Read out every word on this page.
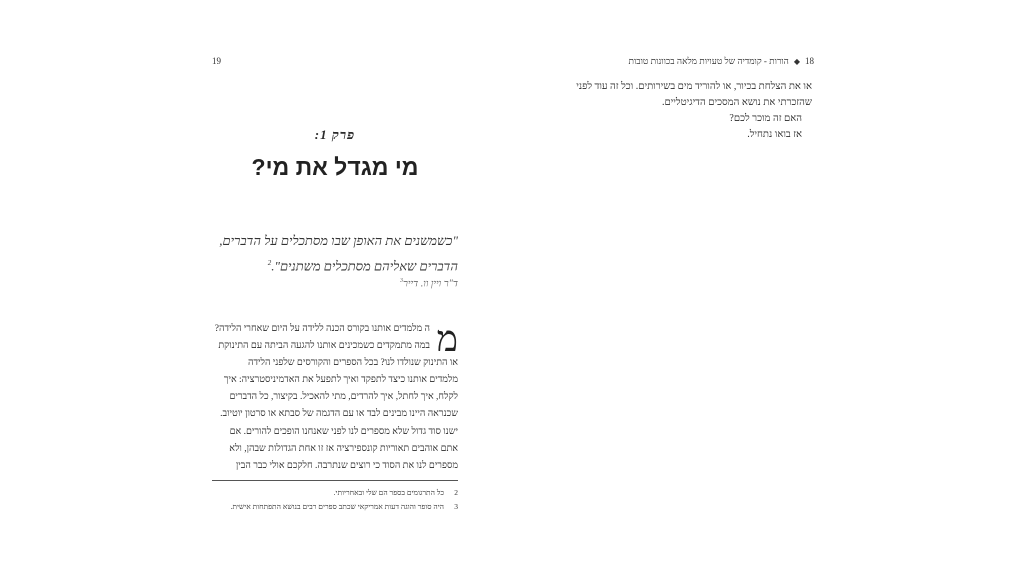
19
פרק 1:
מי מגדל את מי?
"כשמשנים את האופן שבו מסתכלים על הדברים,
הדברים שאליהם מסתכלים משתנים".$^2$
ד"ר ויין וו. דייר$^3$
מ
ה מלמדים אותנו בקורס הכנה ללידה על היום שאחרי הלידה?
במה מתמקדים כשמכינים אותנו להגעה הביתה עם התינוקת
או התינוק שנולדו לנו? בכל הספרים והקורסים שלפני הלידה
מלמדים אותנו כיצד לתפקד ואיך לתפעל את האדמיניסטרציה: איך
לקלח, איך לחתל, איך להרדים, מתי להאכיל. בקיצור, כל הדברים
שכנראה היינו מבינים לבד או עם הדגמה של סבתא או סרטון יוטיוב.
ישנו סוד גדול שלא מספרים לנו לפני שאנחנו הופכים להורים. אם
אתם אוהבים תאוריות קונספירציה אז זו אחת הגדולות שבהן, ולא
מספרים לנו את הסוד כי רוצים שנתרבה. חלקכם אולי כבר הבין
2כל התרגומים בספר הם שלי ובאחריותי.
3היה סופר והוגה דעות אמריקאי שכתב ספרים רבים בנושא התפתחות אישית.
18◆הורות - קומדיה של טעויות מלאה בכוונות טובות
או את הצלחת בכיור, או להוריד מים בשירותים. וכל זה עוד לפני
שהזכרתי את נושא המסכים הדיגיטליים.
האם זה מוכר לכם?
אז בואו נתחיל.
